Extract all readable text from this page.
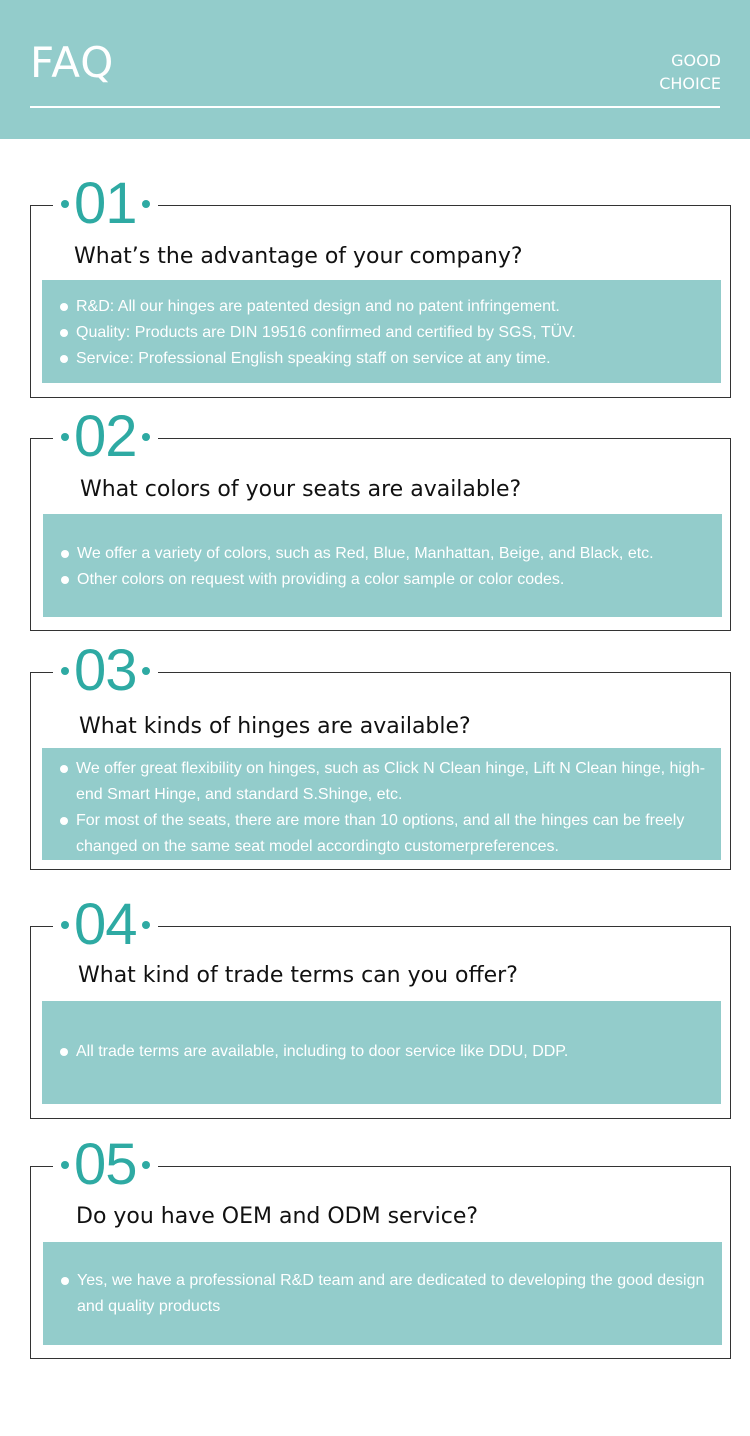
FAQ	GOOD
CHOICE
01
What’s the advantage of your company?
R&D: All our hinges are patented design and no patent infringement.
Quality: Products are DIN 19516 confirmed and certified by SGS, TÜV.
Service: Professional English speaking staff on service at any time.
02
What colors of your seats are available?
We offer a variety of colors, such as Red, Blue, Manhattan, Beige, and Black, etc.
Other colors on request with providing a color sample or color codes.
03
What kinds of hinges are available?
We offer great flexibility on hinges, such as Click N Clean hinge, Lift N Clean hinge, high-end Smart Hinge, and standard S.Shinge, etc.
For most of the seats, there are more than 10 options, and all the hinges can be freely changed on the same seat model accordingto customerpreferences.
04
What kind of trade terms can you offer?
All trade terms are available, including to door service like DDU, DDP.
05
Do you have OEM and ODM service?
Yes, we have a professional R&D team and are dedicated to developing the good design and quality products
